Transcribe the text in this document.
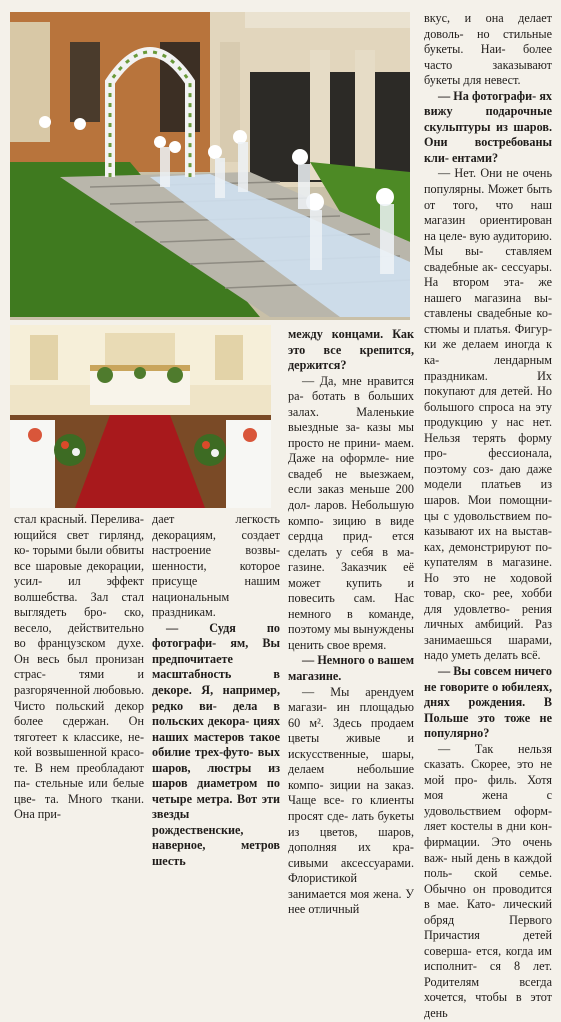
стал красный. Перелива- ющийся свет гирлянд, ко- торыми были обвиты все шаровые декорации, усил- ил эффект волшебства. Зал стал выглядеть бро- ско, весело, действительно во французском духе. Он весь был пронизан страс-	тями и разгоряченной любовью. Чисто польский декор более сдержан. Он тяготеет к классике, не- кой возвышенной красо- те. В нем преобладают па- стельные или белые цве- та. Много ткани. Она при-

дает легкость декорациям, создает настроение возвы- шенности, которое присуще	нашим национальным праздникам.

— Судя по фотографи- ям, Вы предпочитаете масштабность в декоре. Я, например, редко ви- дела в польских декора- циях наших мастеров такое обилие трех-футо- вых шаров, люстры из шаров диаметром по четыре метра. Вот эти звезды рождественские, наверное, метров шесть

между концами. Как это все крепится, держится?

— Да, мне нравится ра- ботать в больших залах.	Маленькие выездные за- казы мы просто не прини- маем. Даже на оформле- ние свадеб не выезжаем, если заказ меньше 200 дол- ларов. Небольшую компо- зицию в виде сердца прид- ется сделать у себя в ма- газине. Заказчик её может купить и повесить сам. Нас немного в команде, поэтому мы вынуждены ценить свое время.

— Немного о вашем магазине.

— Мы арендуем магази- ин площадью 60 м². Здесь продаем цветы живые и искусственные, шары, делаем небольшие компо- зиции на заказ. Чаще все- го клиенты просят сде- лать букеты из цветов, шаров, дополняя их кра- сивыми аксессуарами. Флористикой занимается моя жена. У нее отличный

вкус, и она делает доволь- но стильные букеты. Наи- более часто заказывают букеты для невест.

— На фотографи- ях вижу подарочные скульптуры из шаров. Они востребованы кли- ентами?

— Нет. Они не очень популярны. Может быть от того, что наш магазин ориентирован на целе- вую аудиторию. Мы вы- ставляем свадебные ак- сессуары. На втором эта- же нашего магазина вы- ставлены свадебные ко- стюмы и платья. Фигур- ки же делаем иногда к ка-	лендарным праздникам.	Их покупают для детей. Но большого спроса на эту продукцию у нас нет. Нельзя терять форму про-	фессионала, поэтому соз- даю даже модели платьев из шаров. Мои помощни- цы с удовольствием по- казывают их на выстав- ках, демонстрируют по- купателям в магазине. Но это не ходовой товар, ско- рее, хобби для удовлетво- рения личных амбиций. Раз занимаешься шарами, надо уметь делать всё.

— Вы совсем ничего не говорите о юбилеях, днях рождения. В Польше это тоже не популярно?

— Так нельзя сказать. Скорее, это не мой про- филь. Хотя моя жена	с удовольствием оформ- ляет костелы в дни кон- фирмации. Это очень важ- ный день в каждой поль- ской семье. Обычно он проводится в мае. Като- лический обряд Первого Причастия детей соверша- ется, когда им исполнит- ся 8 лет. Родителям всегда хочется, чтобы в этот день
